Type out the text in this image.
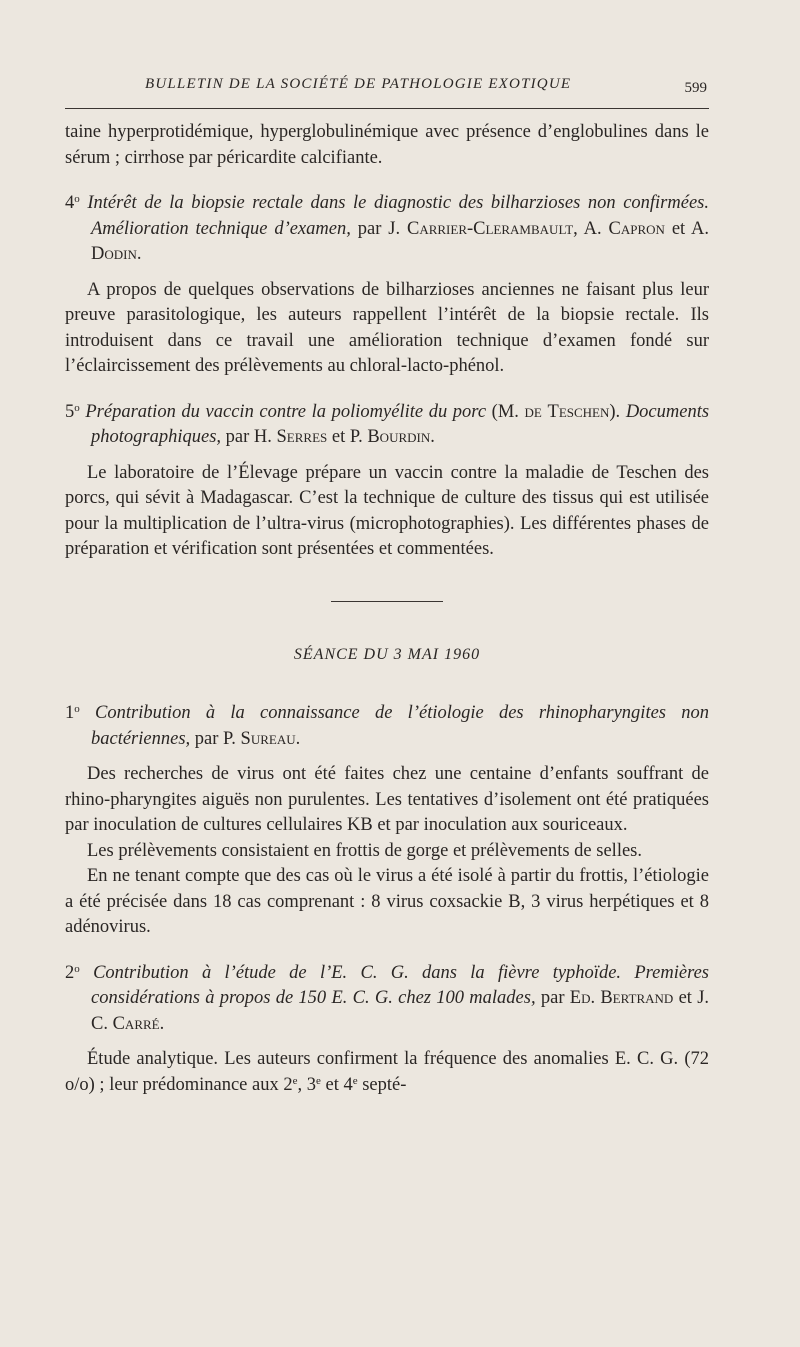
BULLETIN DE LA SOCIÉTÉ DE PATHOLOGIE EXOTIQUE	599

taine hyperprotidémique, hyperglobulinémique avec présence d’englobulines dans le sérum ; cirrhose par péricardite calcifiante.

4$^o$ Intérêt de la biopsie rectale dans le diagnostic des bilharzioses non confirmées. Amélioration technique d’examen, par J. Carrier-Clerambault, A. Capron et A. Dodin.

A propos de quelques observations de bilharzioses anciennes ne faisant plus leur preuve parasitologique, les auteurs rappellent l’intérêt de la biopsie rectale. Ils introduisent dans ce travail une amélioration technique d’examen fondé sur l’éclaircissement des prélèvements au chloral-lacto-phénol.

5$^o$ Préparation du vaccin contre la poliomyélite du porc (M. de Teschen). Documents photographiques, par H. Serres et P. Bourdin.

Le laboratoire de l’Élevage prépare un vaccin contre la maladie de Teschen des porcs, qui sévit à Madagascar. C’est la technique de culture des tissus qui est utilisée pour la multiplication de l’ultra-virus (microphotographies). Les différentes phases de préparation et vérification sont présentées et commentées.

SÉANCE DU 3 MAI 1960

1$^o$ Contribution à la connaissance de l’étiologie des rhinopharyngites non bactériennes, par P. Sureau.

Des recherches de virus ont été faites chez une centaine d’enfants souffrant de rhino-pharyngites aiguës non purulentes. Les tentatives d’isolement ont été pratiquées par inoculation de cultures cellulaires KB et par inoculation aux souriceaux.

Les prélèvements consistaient en frottis de gorge et prélèvements de selles.

En ne tenant compte que des cas où le virus a été isolé à partir du frottis, l’étiologie a été précisée dans 18 cas comprenant : 8 virus coxsackie B, 3 virus herpétiques et 8 adénovirus.

2$^o$ Contribution à l’étude de l’E. C. G. dans la fièvre typhoïde. Premières considérations à propos de 150 E. C. G. chez 100 malades, par Ed. Bertrand et J. C. Carré.

Étude analytique. Les auteurs confirment la fréquence des anomalies E. C. G. (72 o/o) ; leur prédominance aux 2e, 3e et 4e septé-
